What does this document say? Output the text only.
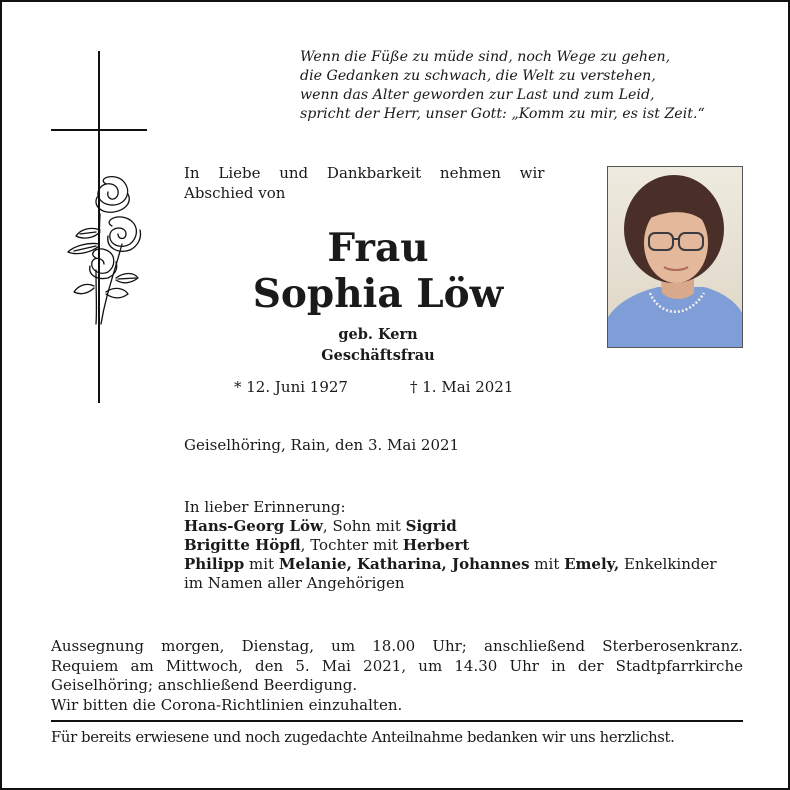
Wenn die Füße zu müde sind, noch Wege zu gehen,
die Gedanken zu schwach, die Welt zu verstehen,
wenn das Alter geworden zur Last und zum Leid,
spricht der Herr, unser Gott: „Komm zu mir, es ist Zeit.“
In Liebe und Dankbarkeit nehmen wir
Abschied von
Frau
Sophia Löw
geb. Kern
Geschäftsfrau
* 12. Juni 1927	† 1. Mai 2021
Geiselhöring, Rain, den 3. Mai 2021
In lieber Erinnerung:
Hans-Georg Löw, Sohn mit Sigrid
Brigitte Höpfl, Tochter mit Herbert
Philipp mit Melanie, Katharina, Johannes mit Emely, Enkelkinder
im Namen aller Angehörigen
Aussegnung morgen, Dienstag, um 18.00 Uhr; anschließend Sterberosenkranz.
Requiem am Mittwoch, den 5. Mai 2021, um 14.30 Uhr in der Stadtpfarrkirche
Geiselhöring; anschließend Beerdigung.
Wir bitten die Corona-Richtlinien einzuhalten.
Für bereits erwiesene und noch zugedachte Anteilnahme bedanken wir uns herzlichst.
